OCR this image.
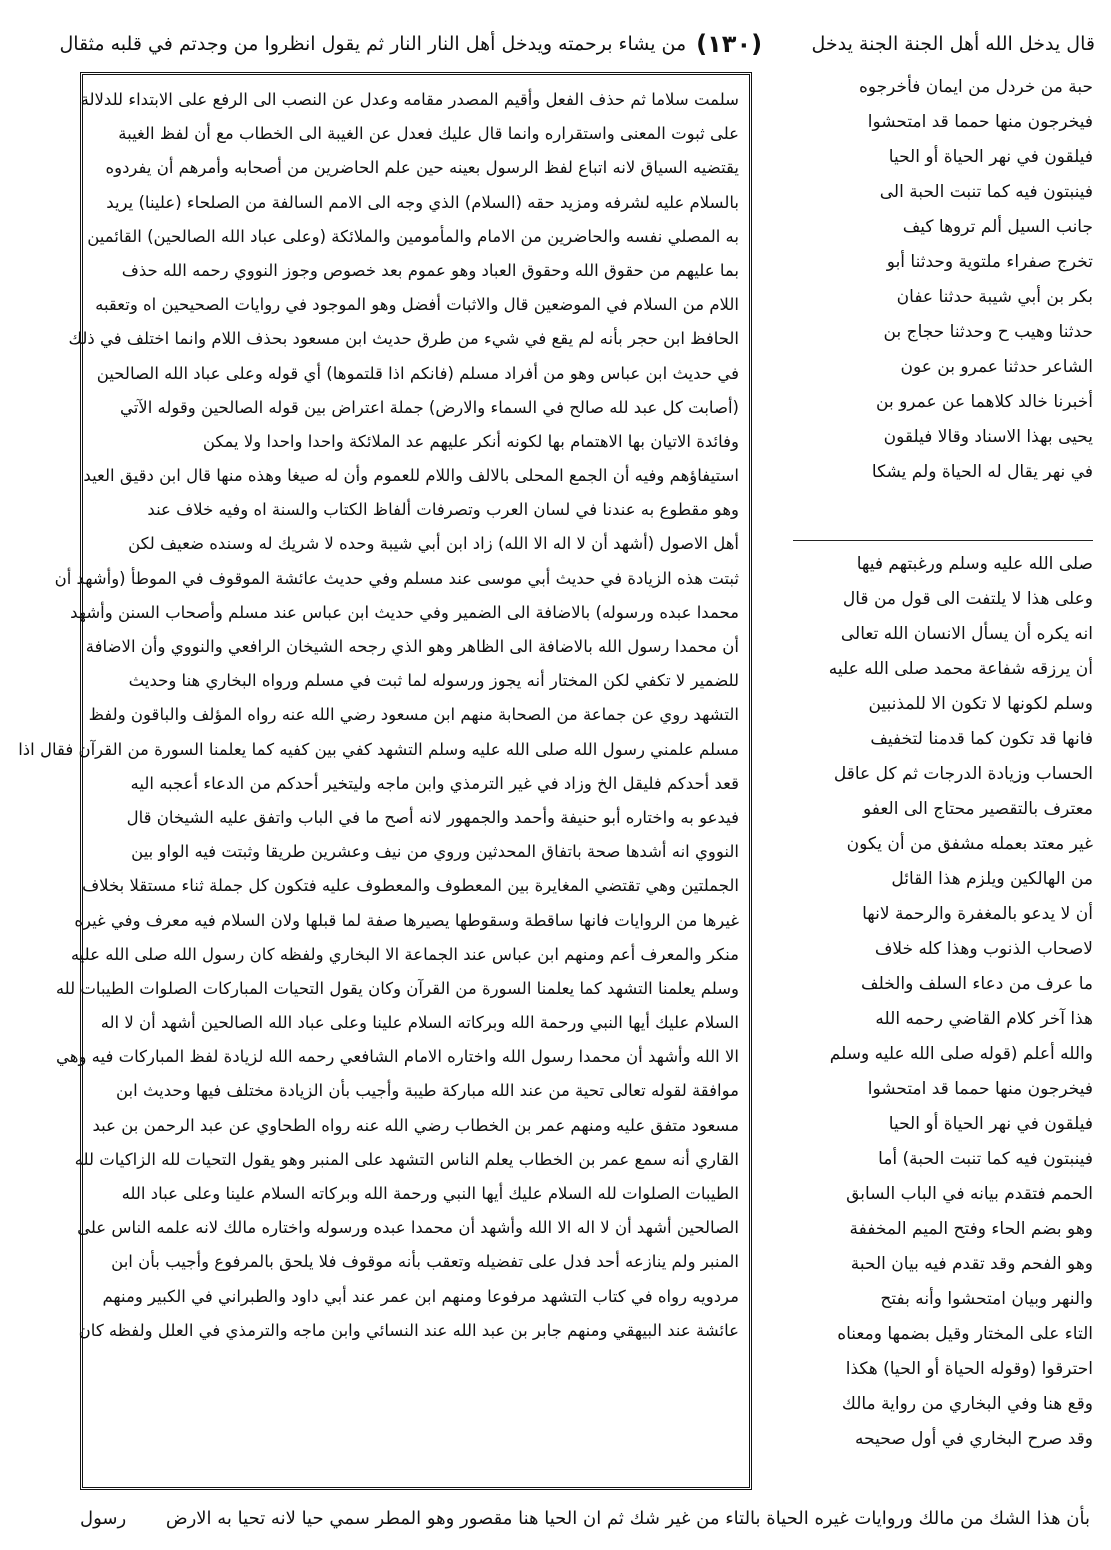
قال يدخل الله أهل الجنة الجنة يدخل
(١٣٠)
من يشاء برحمته ويدخل أهل النار النار ثم يقول انظروا من وجدتم في قلبه مثقال
حبة من خردل من ايمان فأخرجوه
فيخرجون منها حمما قد امتحشوا
فيلقون في نهر الحياة أو الحيا
فينبتون فيه كما تنبت الحبة الى
جانب السيل ألم تروها كيف
تخرج صفراء ملتوية وحدثنا أبو
بكر بن أبي شيبة حدثنا عفان
حدثنا وهيب ح وحدثنا حجاج بن
الشاعر حدثنا عمرو بن عون
أخبرنا خالد كلاهما عن عمرو بن
يحيى بهذا الاسناد وقالا فيلقون
في نهر يقال له الحياة ولم يشكا
صلى الله عليه وسلم ورغبتهم فيها
وعلى هذا لا يلتفت الى قول من قال
انه يكره أن يسأل الانسان الله تعالى
أن يرزقه شفاعة محمد صلى الله عليه
وسلم لكونها لا تكون الا للمذنبين
فانها قد تكون كما قدمنا لتخفيف
الحساب وزيادة الدرجات ثم كل عاقل
معترف بالتقصير محتاج الى العفو
غير معتد بعمله مشفق من أن يكون
من الهالكين ويلزم هذا القائل
أن لا يدعو بالمغفرة والرحمة لانها
لاصحاب الذنوب وهذا كله خلاف
ما عرف من دعاء السلف والخلف
هذا آخر كلام القاضي رحمه الله
والله أعلم (قوله صلى الله عليه وسلم
فيخرجون منها حمما قد امتحشوا
فيلقون في نهر الحياة أو الحيا
فينبتون فيه كما تنبت الحبة) أما
الحمم فتقدم بيانه في الباب السابق
وهو بضم الحاء وفتح الميم المخففة
وهو الفحم وقد تقدم فيه بيان الحبة
والنهر وبيان امتحشوا وأنه بفتح
التاء على المختار وقيل بضمها ومعناه
احترقوا (وقوله الحياة أو الحيا) هكذا
وقع هنا وفي البخاري من رواية مالك
وقد صرح البخاري في أول صحيحه
سلمت سلاما ثم حذف الفعل وأقيم المصدر مقامه وعدل عن النصب الى الرفع على الابتداء للدلالة
على ثبوت المعنى واستقراره وانما قال عليك فعدل عن الغيبة الى الخطاب مع أن لفظ الغيبة
يقتضيه السياق لانه اتباع لفظ الرسول بعينه حين علم الحاضرين من أصحابه وأمرهم أن يفردوه
بالسلام عليه لشرفه ومزيد حقه (السلام) الذي وجه الى الامم السالفة من الصلحاء (علينا) يريد
به المصلي نفسه والحاضرين من الامام والمأمومين والملائكة (وعلى عباد الله الصالحين) القائمين
بما عليهم من حقوق الله وحقوق العباد وهو عموم بعد خصوص وجوز النووي رحمه الله حذف
اللام من السلام في الموضعين قال والاثبات أفضل وهو الموجود في روايات الصحيحين اه وتعقبه
الحافظ ابن حجر بأنه لم يقع في شيء من طرق حديث ابن مسعود بحذف اللام وانما اختلف في ذلك
في حديث ابن عباس وهو من أفراد مسلم (فانكم اذا قلتموها) أي قوله وعلى عباد الله الصالحين
(أصابت كل عبد لله صالح في السماء والارض) جملة اعتراض بين قوله الصالحين وقوله الآتي
وفائدة الاتيان بها الاهتمام بها لكونه أنكر عليهم عد الملائكة واحدا واحدا ولا يمكن
استيفاؤهم وفيه أن الجمع المحلى بالالف واللام للعموم وأن له صيغا وهذه منها قال ابن دقيق العيد
وهو مقطوع به عندنا في لسان العرب وتصرفات ألفاظ الكتاب والسنة اه وفيه خلاف عند
أهل الاصول (أشهد أن لا اله الا الله) زاد ابن أبي شيبة وحده لا شريك له وسنده ضعيف لكن
ثبتت هذه الزيادة في حديث أبي موسى عند مسلم وفي حديث عائشة الموقوف في الموطأ (وأشهد أن
محمدا عبده ورسوله) بالاضافة الى الضمير وفي حديث ابن عباس عند مسلم وأصحاب السنن وأشهد
أن محمدا رسول الله بالاضافة الى الظاهر وهو الذي رجحه الشيخان الرافعي والنووي وأن الاضافة
للضمير لا تكفي لكن المختار أنه يجوز ورسوله لما ثبت في مسلم ورواه البخاري هنا وحديث
التشهد روي عن جماعة من الصحابة منهم ابن مسعود رضي الله عنه رواه المؤلف والباقون ولفظ
مسلم علمني رسول الله صلى الله عليه وسلم التشهد كفي بين كفيه كما يعلمنا السورة من القرآن فقال اذا
قعد أحدكم فليقل الخ وزاد في غير الترمذي وابن ماجه وليتخير أحدكم من الدعاء أعجبه اليه
فيدعو به واختاره أبو حنيفة وأحمد والجمهور لانه أصح ما في الباب واتفق عليه الشيخان قال
النووي انه أشدها صحة باتفاق المحدثين وروي من نيف وعشرين طريقا وثبتت فيه الواو بين
الجملتين وهي تقتضي المغايرة بين المعطوف والمعطوف عليه فتكون كل جملة ثناء مستقلا بخلاف
غيرها من الروايات فانها ساقطة وسقوطها يصيرها صفة لما قبلها ولان السلام فيه معرف وفي غيره
منكر والمعرف أعم ومنهم ابن عباس عند الجماعة الا البخاري ولفظه كان رسول الله صلى الله عليه
وسلم يعلمنا التشهد كما يعلمنا السورة من القرآن وكان يقول التحيات المباركات الصلوات الطيبات لله
السلام عليك أيها النبي ورحمة الله وبركاته السلام علينا وعلى عباد الله الصالحين أشهد أن لا اله
الا الله وأشهد أن محمدا رسول الله واختاره الامام الشافعي رحمه الله لزيادة لفظ المباركات فيه وهي
موافقة لقوله تعالى تحية من عند الله مباركة طيبة وأجيب بأن الزيادة مختلف فيها وحديث ابن
مسعود متفق عليه ومنهم عمر بن الخطاب رضي الله عنه رواه الطحاوي عن عبد الرحمن بن عبد
القاري أنه سمع عمر بن الخطاب يعلم الناس التشهد على المنبر وهو يقول التحيات لله الزاكيات لله
الطيبات الصلوات لله السلام عليك أيها النبي ورحمة الله وبركاته السلام علينا وعلى عباد الله
الصالحين أشهد أن لا اله الا الله وأشهد أن محمدا عبده ورسوله واختاره مالك لانه علمه الناس على
المنبر ولم ينازعه أحد فدل على تفضيله وتعقب بأنه موقوف فلا يلحق بالمرفوع وأجيب بأن ابن
مردويه رواه في كتاب التشهد مرفوعا ومنهم ابن عمر عند أبي داود والطبراني في الكبير ومنهم
عائشة عند البيهقي ومنهم جابر بن عبد الله عند النسائي وابن ماجه والترمذي في العلل ولفظه كان
بأن هذا الشك من مالك وروايات غيره الحياة بالتاء من غير شك ثم ان الحيا هنا مقصور وهو المطر سمي حيا لانه تحيا به الارض
رسول
